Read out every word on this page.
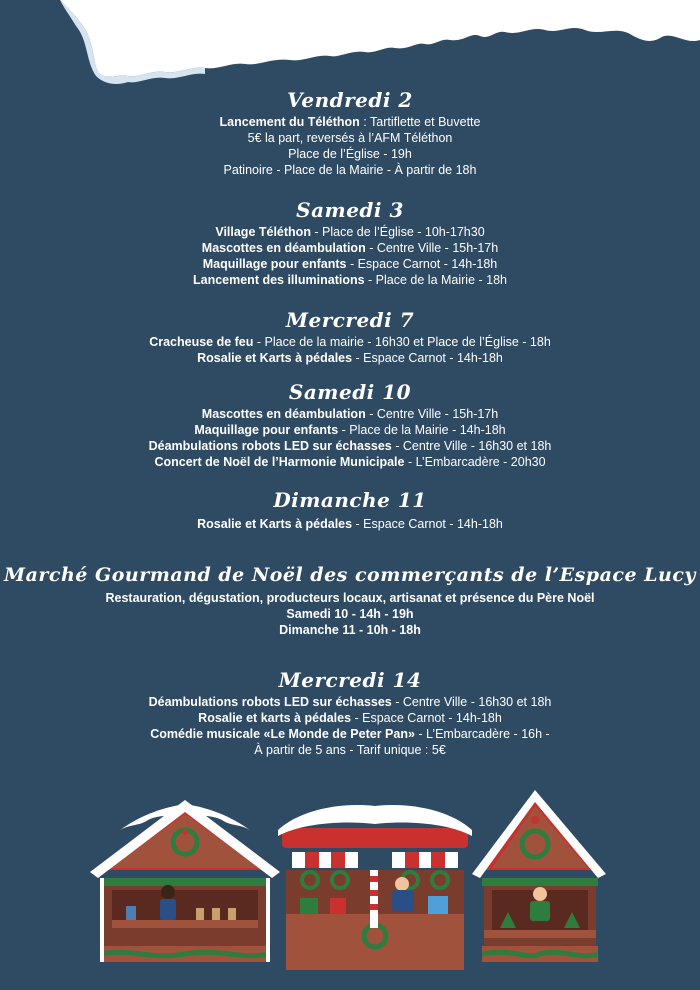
Vendredi 2

Lancement du Téléthon : Tartiflette et Buvette

5€ la part, reversés à l’AFM Téléthon

Place de l’Église - 19h

Patinoire - Place de la Mairie - À partir de 18h

Samedi 3

Village Téléthon - Place de l’Église - 10h-17h30

Mascottes en déambulation - Centre Ville - 15h-17h

Maquillage pour enfants - Espace Carnot - 14h-18h

Lancement des illuminations - Place de la Mairie - 18h

Mercredi 7

Cracheuse de feu - Place de la mairie - 16h30 et Place de l’Église - 18h

Rosalie et Karts à pédales - Espace Carnot - 14h-18h

Samedi 10

Mascottes en déambulation - Centre Ville - 15h-17h

Maquillage pour enfants - Place de la Mairie - 14h-18h

Déambulations robots LED sur échasses - Centre Ville - 16h30 et 18h

Concert de Noël de l’Harmonie Municipale - L’Embarcadère - 20h30

Dimanche 11

Rosalie et Karts à pédales - Espace Carnot - 14h-18h

Marché Gourmand de Noël des commerçants de l’Espace Lucy

Restauration, dégustation, producteurs locaux, artisanat et présence du Père Noël

Samedi 10 - 14h - 19h

Dimanche 11 - 10h - 18h

Mercredi 14

Déambulations robots LED sur échasses - Centre Ville - 16h30 et 18h

Rosalie et karts à pédales - Espace Carnot - 14h-18h

Comédie musicale «Le Monde de Peter Pan» - L’Embarcadère - 16h -

À partir de 5 ans - Tarif unique : 5€
